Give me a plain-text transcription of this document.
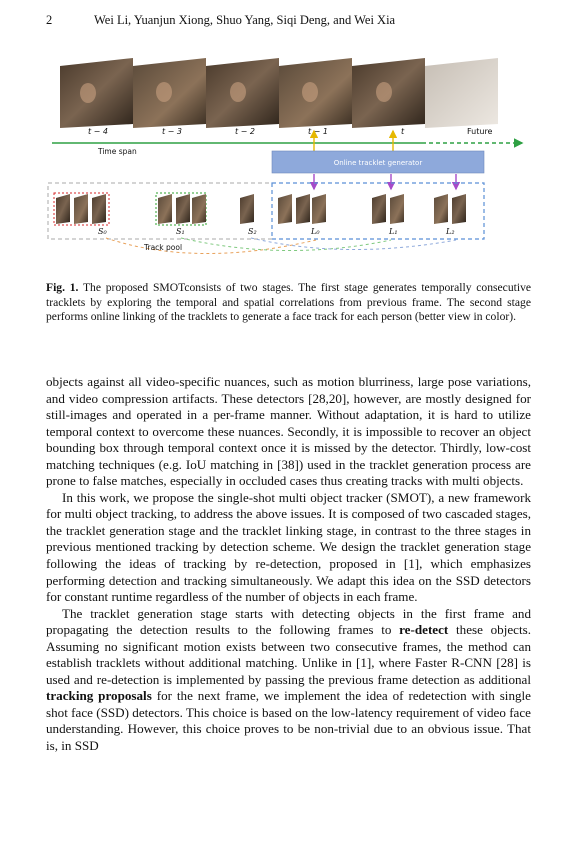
2	Wei Li, Yuanjun Xiong, Shuo Yang, Siqi Deng, and Wei Xia
t − 4	t − 3	t − 2	t − 1	t	Future
Time span
Online tracklet generator
S₀	S₁	S₂	L₀	L₁	L₂
Track pool
Fig. 1. The proposed SMOTconsists of two stages. The first stage generates temporally consecutive tracklets by exploring the temporal and spatial correlations from previous frame. The second stage performs online linking of the tracklets to generate a face track for each person (better view in color).

objects against all video-specific nuances, such as motion blurriness, large pose variations, and video compression artifacts. These detectors [28,20], however, are mostly designed for still-images and operated in a per-frame manner. Without adaptation, it is hard to utilize temporal context to overcome these nuances. Secondly, it is impossible to recover an object bounding box through temporal context once it is missed by the detector. Thirdly, low-cost matching techniques (e.g. IoU matching in [38]) used in the tracklet generation process are prone to false matches, especially in occluded cases thus creating tracks with multi objects.

In this work, we propose the single-shot multi object tracker (SMOT), a new framework for multi object tracking, to address the above issues. It is composed of two cascaded stages, the tracklet generation stage and the tracklet linking stage, in contrast to the three stages in previous mentioned tracking by detection scheme. We design the tracklet generation stage following the ideas of tracking by re-detection, proposed in [1], which emphasizes performing detection and tracking simultaneously. We adapt this idea on the SSD detectors for constant runtime regardless of the number of objects in each frame.

The tracklet generation stage starts with detecting objects in the first frame and propagating the detection results to the following frames to re-detect these objects. Assuming no significant motion exists between two consecutive frames, the method can establish tracklets without additional matching. Unlike in [1], where Faster R-CNN [28] is used and re-detection is implemented by passing the previous frame detection as additional tracking proposals for the next frame, we implement the idea of redetection with single shot face (SSD) detectors. This choice is based on the low-latency requirement of video face understanding. However, this choice proves to be non-trivial due to an obvious issue. That is, in SSD
